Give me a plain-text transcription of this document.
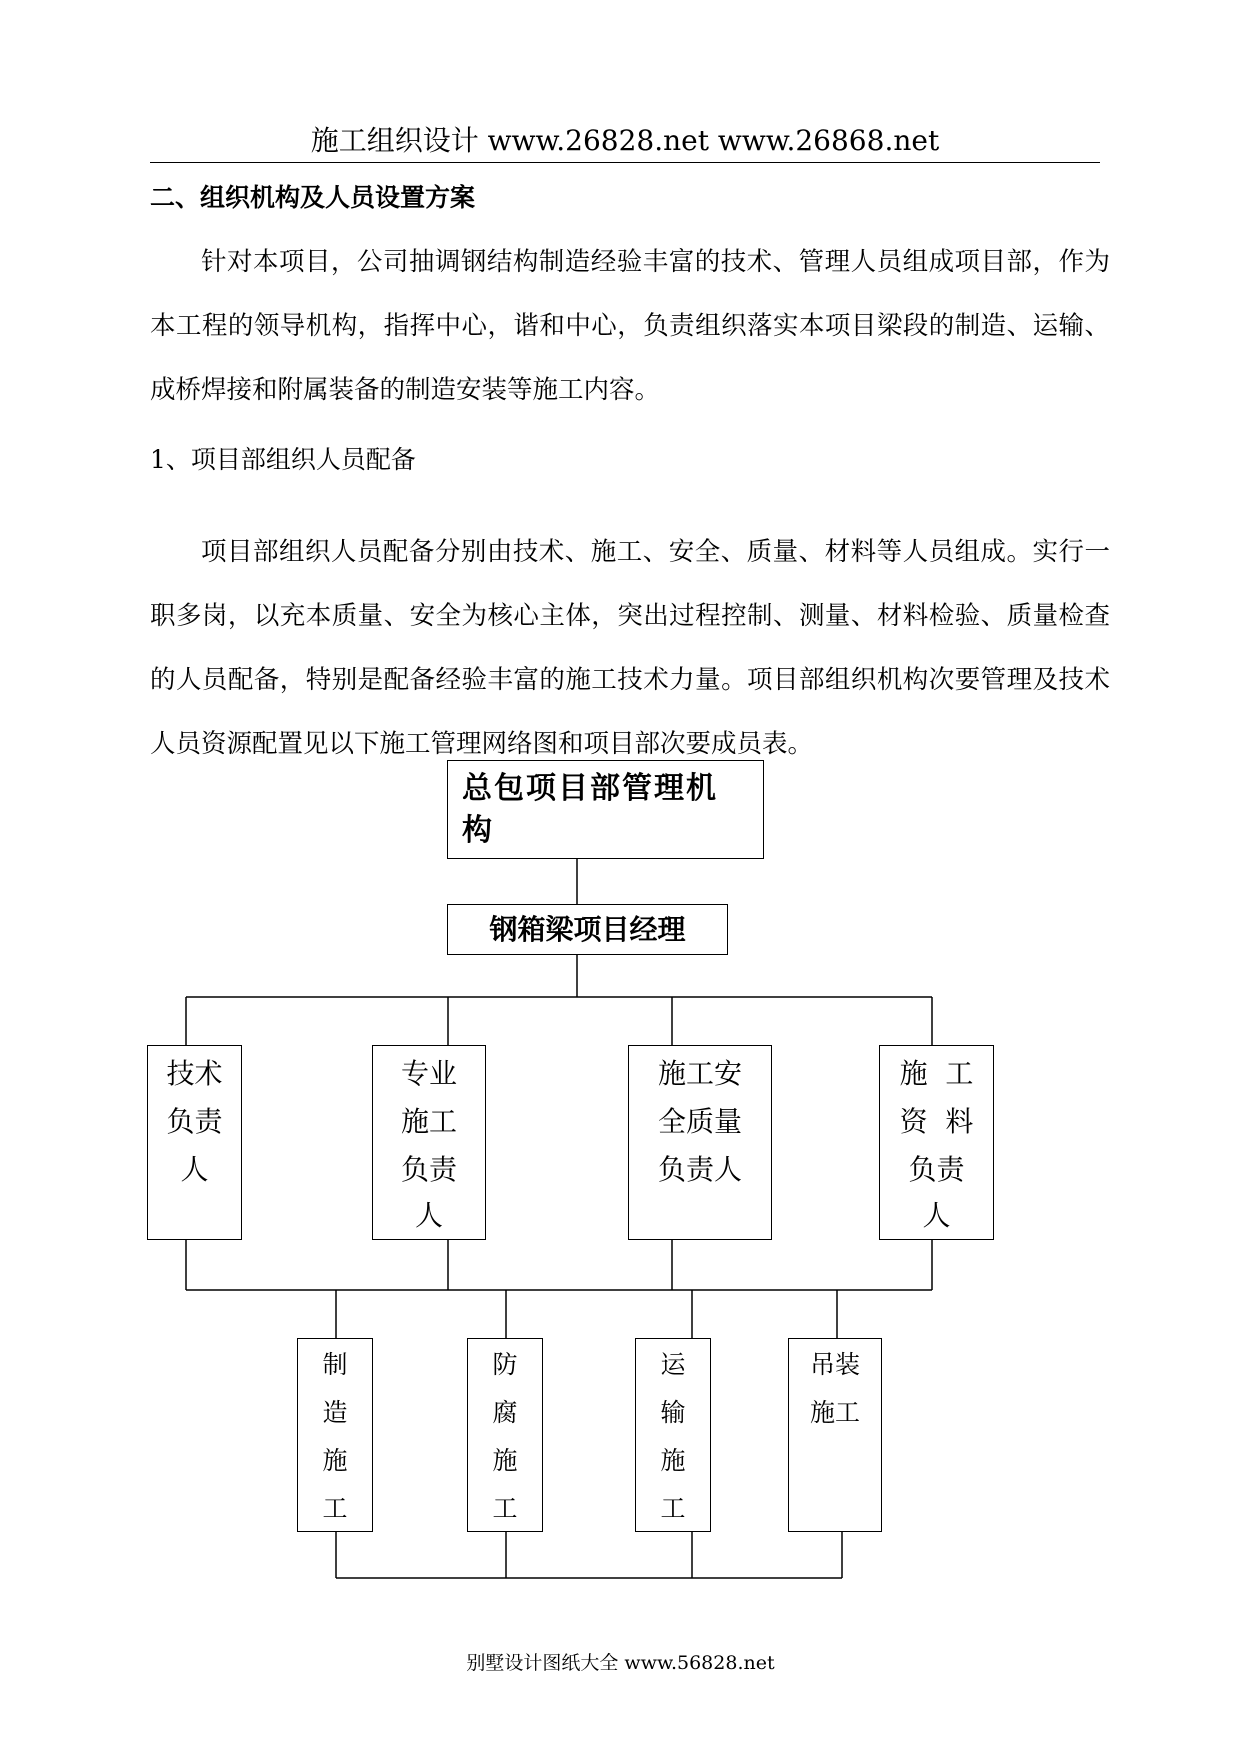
施工组织设计 www.26828.net www.26868.net
二、组织机构及人员设置方案

针对本项目，公司抽调钢结构制造经验丰富的技术、管理人员组成项目部，作为本工程的领导机构，指挥中心，谐和中心，负责组织落实本项目梁段的制造、运输、成桥焊接和附属装备的制造安装等施工内容。

1、项目部组织人员配备

项目部组织人员配备分别由技术、施工、安全、质量、材料等人员组成。实行一职多岗，以充本质量、安全为核心主体，突出过程控制、测量、材料检验、质量检查的人员配备，特别是配备经验丰富的施工技术力量。项目部组织机构次要管理及技术人员资源配置见以下施工管理网络图和项目部次要成员表。

总包项目部管理机
构
钢箱梁项目经理
技术
负责
人
专业
施工
负责
人
施工安
全质量
负责人
施  工
资  料
负责
人
制
造
施
工
防
腐
施
工
运
输
施
工
吊装
施工
别墅设计图纸大全 www.56828.net
